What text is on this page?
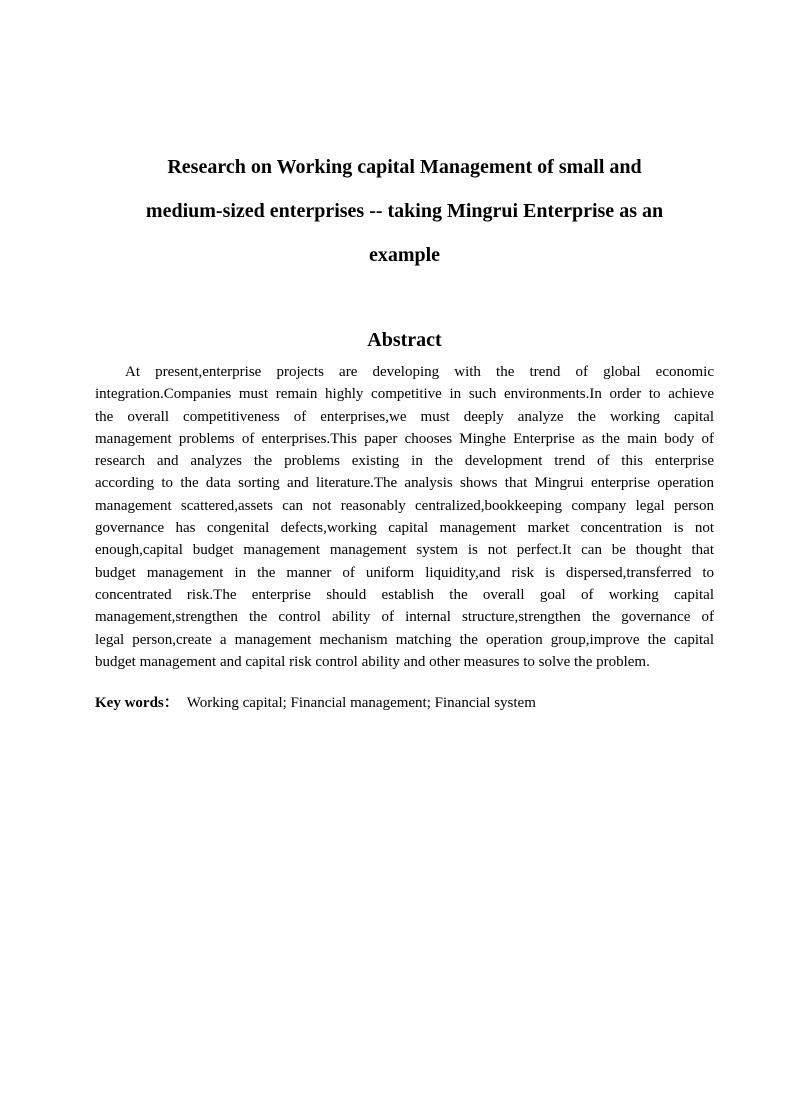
Research on Working capital Management of small and
medium-sized enterprises -- taking Mingrui Enterprise as an
example
Abstract
At present,enterprise projects are developing with the trend of global economic
integration.Companies must remain highly competitive in such environments.In order to achieve
the overall competitiveness of enterprises,we must deeply analyze the working capital
management problems of enterprises.This paper chooses Minghe Enterprise as the main body of
research and analyzes the problems existing in the development trend of this enterprise
according to the data sorting and literature.The analysis shows that Mingrui enterprise operation
management scattered,assets can not reasonably centralized,bookkeeping company legal person
governance has congenital defects,working capital management market concentration is not
enough,capital budget management management system is not perfect.It can be thought that
budget management in the manner of uniform liquidity,and risk is dispersed,transferred to
concentrated risk.The enterprise should establish the overall goal of working capital
management,strengthen the control ability of internal structure,strengthen the governance of
legal person,create a management mechanism matching the operation group,improve the capital
budget management and capital risk control ability and other measures to solve the problem.

Key words： Working capital; Financial management; Financial system
